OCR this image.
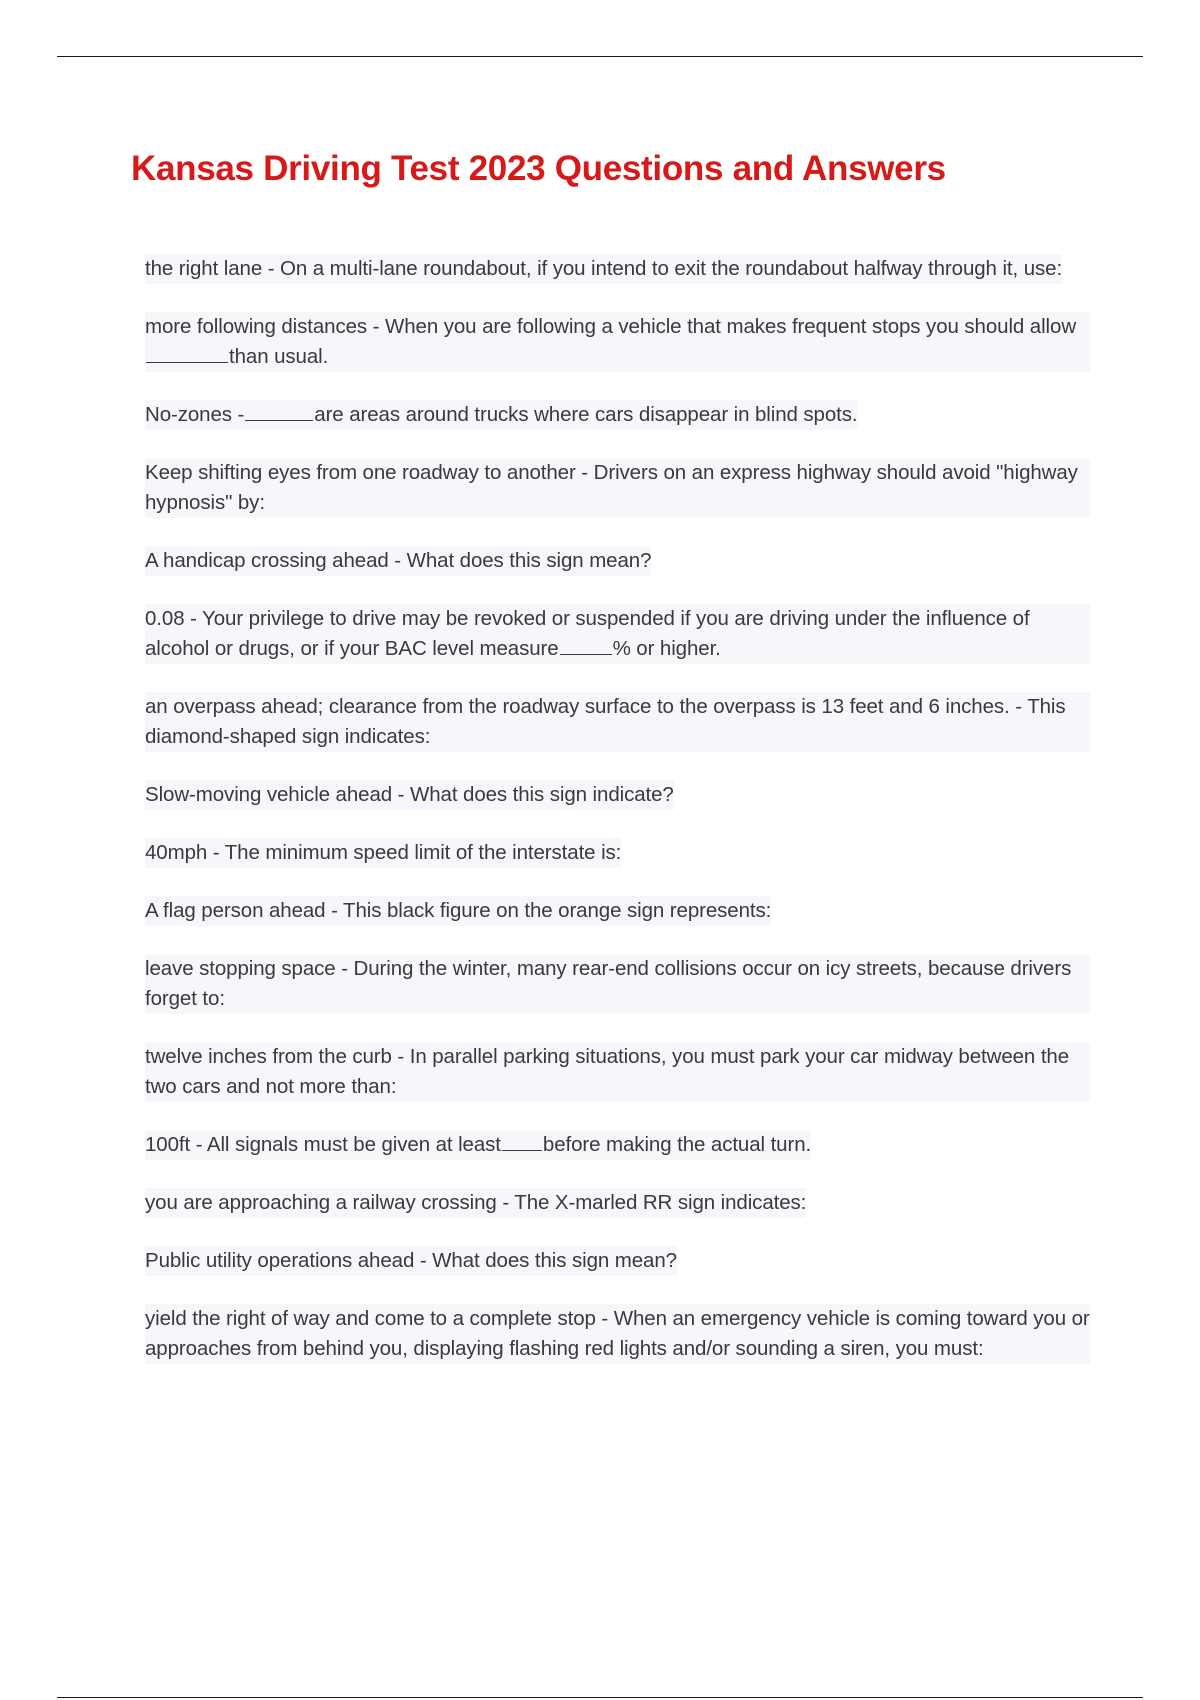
Kansas Driving Test 2023 Questions and Answers
the right lane - On a multi-lane roundabout, if you intend to exit the roundabout halfway through it, use:
more following distances - When you are following a vehicle that makes frequent stops you should allowthan usual.
No-zones -	are areas around trucks where cars disappear in blind spots.
Keep shifting eyes from one roadway to another - Drivers on an express highway should avoid "highway hypnosis" by:
A handicap crossing ahead - What does this sign mean?
0.08 - Your privilege to drive may be revoked or suspended if you are driving under the influence of alcohol or drugs, or if your BAC level measure	% or higher.
an overpass ahead; clearance from the roadway surface to the overpass is 13 feet and 6 inches. - This diamond-shaped sign indicates:
Slow-moving vehicle ahead - What does this sign indicate?
40mph - The minimum speed limit of the interstate is:
A flag person ahead - This black figure on the orange sign represents:
leave stopping space - During the winter, many rear-end collisions occur on icy streets, because drivers forget to:
twelve inches from the curb - In parallel parking situations, you must park your car midway between the two cars and not more than:
100ft - All signals must be given at least before making the actual turn.
you are approaching a railway crossing - The X-marled RR sign indicates:
Public utility operations ahead - What does this sign mean?
yield the right of way and come to a complete stop - When an emergency vehicle is coming toward you or approaches from behind you, displaying flashing red lights and/or sounding a siren, you must:
